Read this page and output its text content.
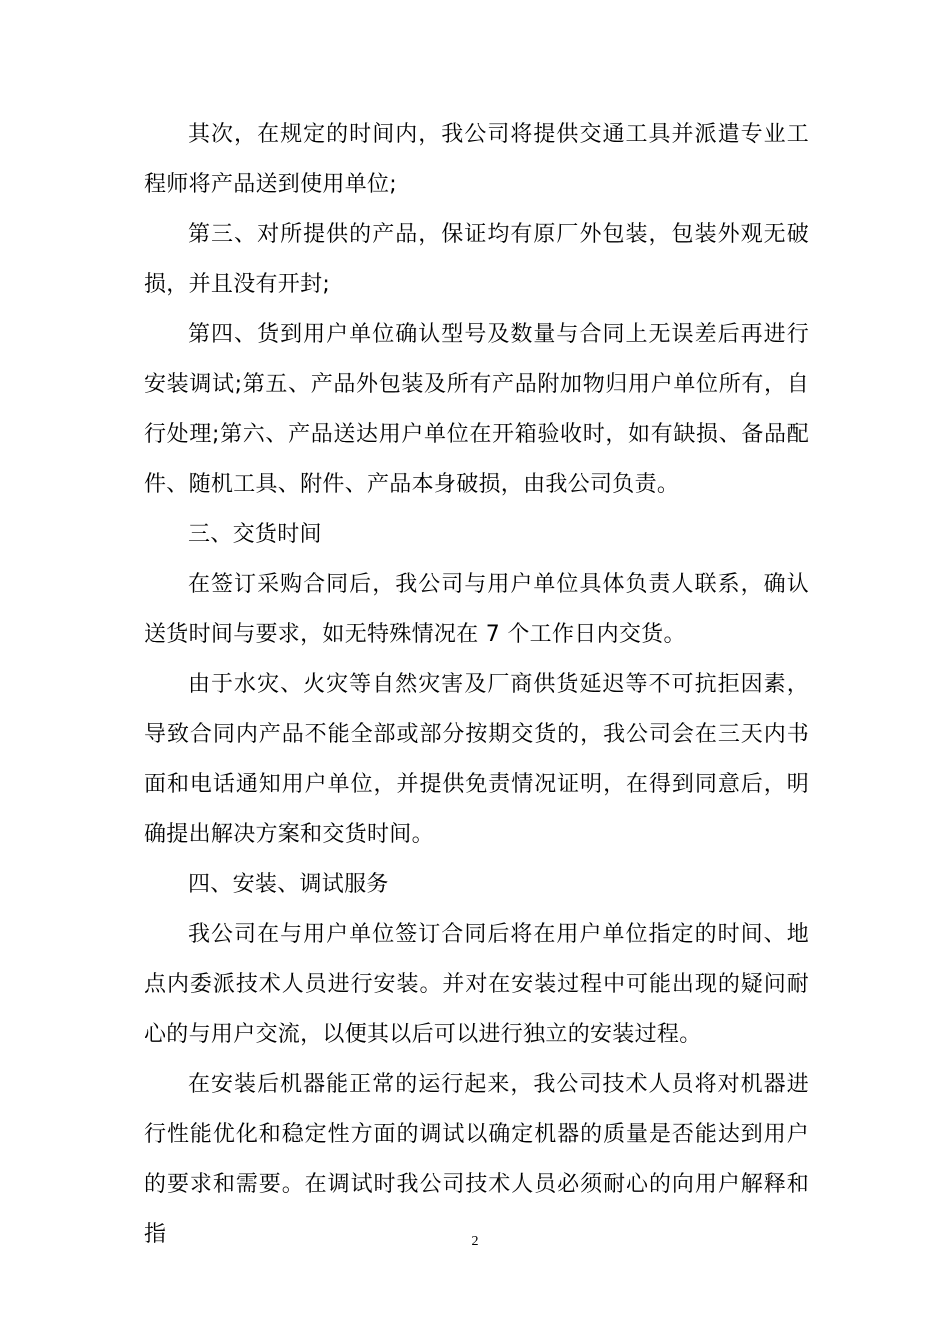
其次，在规定的时间内，我公司将提供交通工具并派遣专业工程师将产品送到使用单位;

第三、对所提供的产品，保证均有原厂外包装，包装外观无破损，并且没有开封;

第四、货到用户单位确认型号及数量与合同上无误差后再进行安装调试;第五、产品外包装及所有产品附加物归用户单位所有，自行处理;第六、产品送达用户单位在开箱验收时，如有缺损、备品配件、随机工具、附件、产品本身破损，由我公司负责。

三、交货时间

在签订采购合同后，我公司与用户单位具体负责人联系，确认送货时间与要求，如无特殊情况在 7 个工作日内交货。

由于水灾、火灾等自然灾害及厂商供货延迟等不可抗拒因素，导致合同内产品不能全部或部分按期交货的，我公司会在三天内书面和电话通知用户单位，并提供免责情况证明，在得到同意后，明确提出解决方案和交货时间。

四、安装、调试服务

我公司在与用户单位签订合同后将在用户单位指定的时间、地点内委派技术人员进行安装。并对在安装过程中可能出现的疑问耐心的与用户交流，以便其以后可以进行独立的安装过程。

在安装后机器能正常的运行起来，我公司技术人员将对机器进行性能优化和稳定性方面的调试以确定机器的质量是否能达到用户的要求和需要。在调试时我公司技术人员必须耐心的向用户解释和指	2
